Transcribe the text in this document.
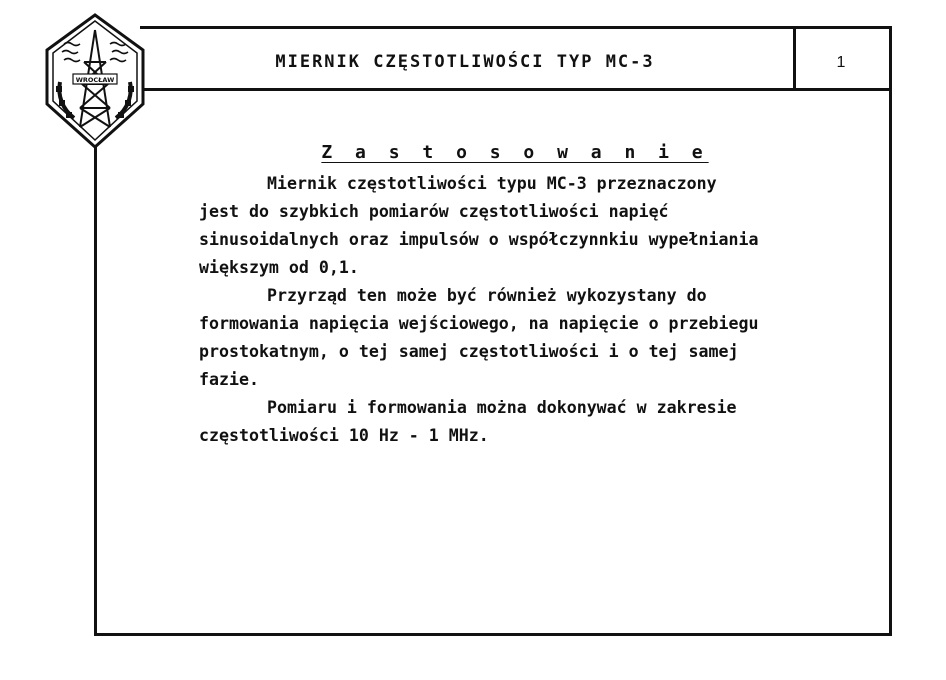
MIERNIK CZĘSTOTLIWOŚCI TYP MC-3	1
WROCŁAW
Z a s t o s o w a n i e
Miernik częstotliwości typu MC-3 przeznaczony
jest do szybkich pomiarów częstotliwości napięć
sinusoidalnych oraz impulsów o współczynnkiu wypełniania
większym od 0,1.
Przyrząd ten może być również wykozystany do
formowania napięcia wejściowego, na napięcie o przebiegu
prostokatnym, o tej samej częstotliwości i o tej samej
fazie.
Pomiaru i formowania można dokonywać w zakresie
częstotliwości 10 Hz - 1 MHz.
